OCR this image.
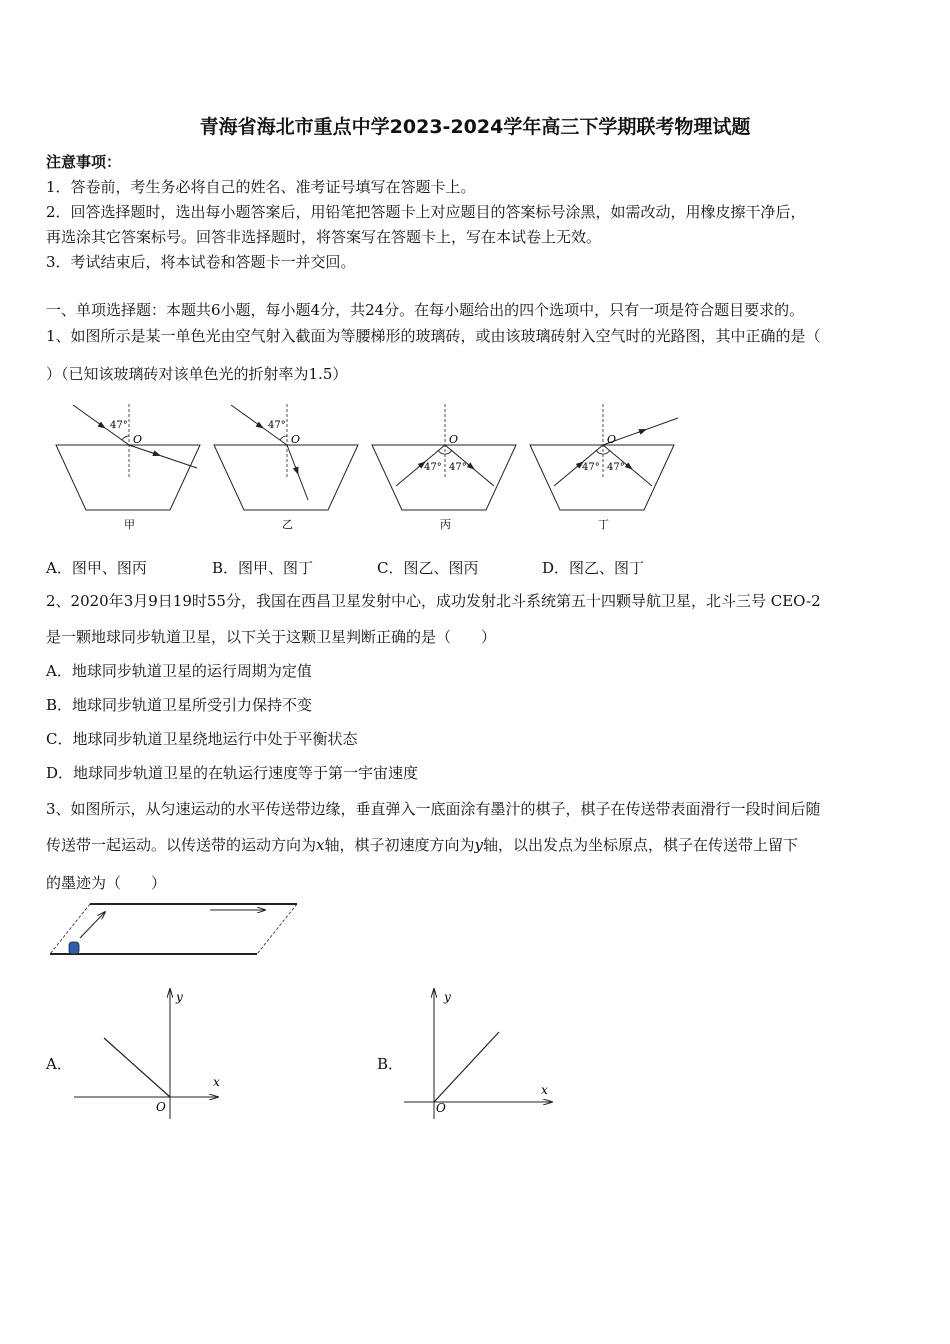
青海省海北市重点中学2023-2024学年高三下学期联考物理试题
注意事项：
1．答卷前，考生务必将自己的姓名、准考证号填写在答题卡上。
2．回答选择题时，选出每小题答案后，用铅笔把答题卡上对应题目的答案标号涂黑，如需改动，用橡皮擦干净后，
再选涂其它答案标号。回答非选择题时，将答案写在答题卡上，写在本试卷上无效。
3．考试结束后，将本试卷和答题卡一并交回。
一、单项选择题：本题共6小题，每小题4分，共24分。在每小题给出的四个选项中，只有一项是符合题目要求的。
1、如图所示是某一单色光由空气射入截面为等腰梯形的玻璃砖，或由该玻璃砖射入空气时的光路图，其中正确的是（
）（已知该玻璃砖对该单色光的折射率为1.5）
47°
O
甲
47°
O
乙
47° 47°
O
丙
47° 47°
O
丁
A．图甲、图丙	B．图甲、图丁	C．图乙、图丙	D．图乙、图丁
2、2020年3月9日19时55分，我国在西昌卫星发射中心，成功发射北斗系统第五十四颗导航卫星，北斗三号 CEO-2
是一颗地球同步轨道卫星，以下关于这颗卫星判断正确的是（　　）
A．地球同步轨道卫星的运行周期为定值
B．地球同步轨道卫星所受引力保持不变
C．地球同步轨道卫星绕地运行中处于平衡状态
D．地球同步轨道卫星的在轨运行速度等于第一宇宙速度
3、如图所示，从匀速运动的水平传送带边缘，垂直弹入一底面涂有墨汁的棋子，棋子在传送带表面滑行一段时间后随
传送带一起运动。以传送带的运动方向为x轴，棋子初速度方向为y轴，以出发点为坐标原点，棋子在传送带上留下
的墨迹为（　　）
A．
y
x
O
B．
y
x
O
